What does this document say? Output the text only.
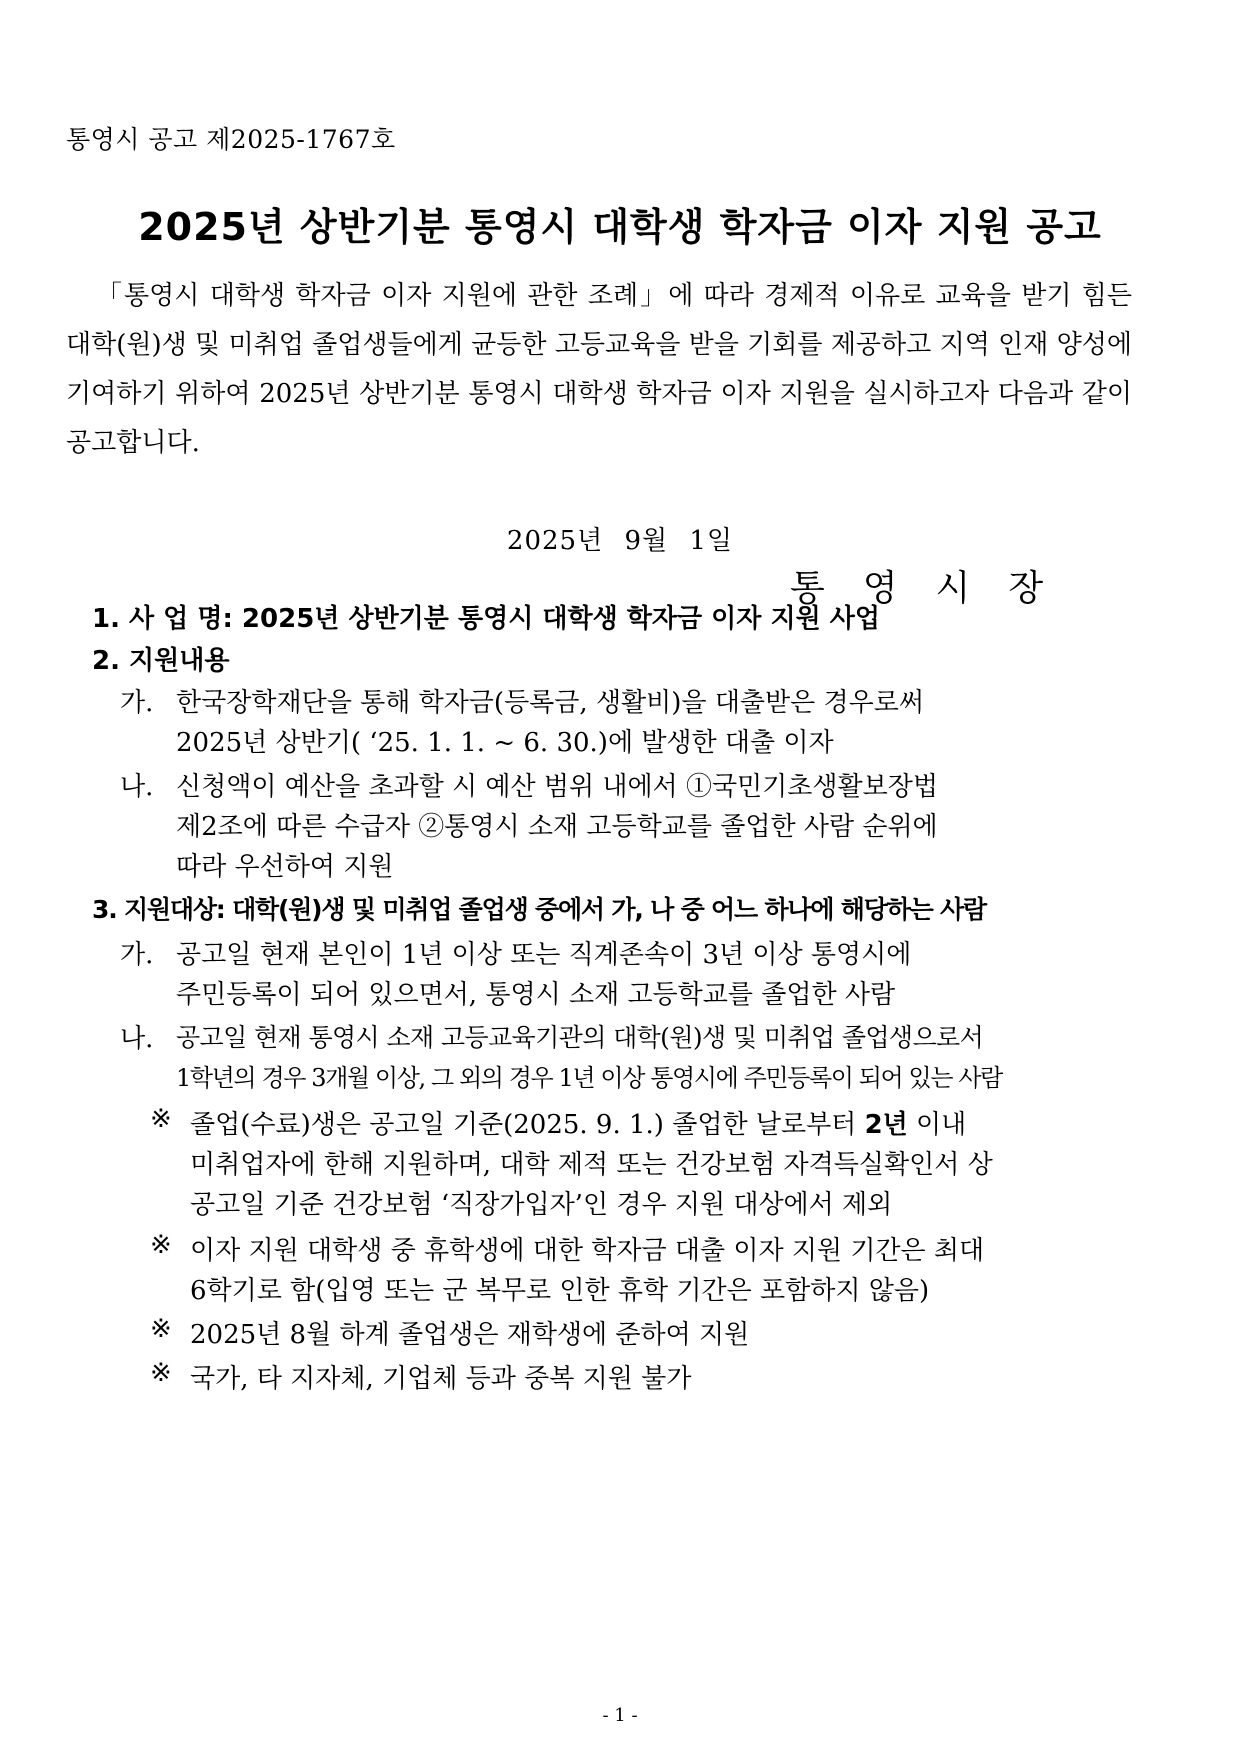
통영시 공고 제2025-1767호
2025년 상반기분 통영시 대학생 학자금 이자 지원 공고
「통영시 대학생 학자금 이자 지원에 관한 조례」에 따라 경제적 이유로 교육을 받기 힘든 대학(원)생 및 미취업 졸업생들에게 균등한 고등교육을 받을 기회를 제공하고 지역 인재 양성에 기여하기 위하여 2025년 상반기분 통영시 대학생 학자금 이자 지원을 실시하고자 다음과 같이 공고합니다.
2025년 9월 1일
통영시장
1. 사 업 명: 2025년 상반기분 통영시 대학생 학자금 이자 지원 사업
2. 지원내용
가. 한국장학재단을 통해 학자금(등록금, 생활비)을 대출받은 경우로써
2025년 상반기( ‘25. 1. 1. ~ 6. 30.)에 발생한 대출 이자
나. 신청액이 예산을 초과할 시 예산 범위 내에서 ①국민기초생활보장법
제2조에 따른 수급자 ②통영시 소재 고등학교를 졸업한 사람 순위에
따라 우선하여 지원
3. 지원대상: 대학(원)생 및 미취업 졸업생 중에서 가, 나 중 어느 하나에 해당하는 사람
가. 공고일 현재 본인이 1년 이상 또는 직계존속이 3년 이상 통영시에
주민등록이 되어 있으면서, 통영시 소재 고등학교를 졸업한 사람
나. 공고일 현재 통영시 소재 고등교육기관의 대학(원)생 및 미취업 졸업생으로서
1학년의 경우 3개월 이상, 그 외의 경우 1년 이상 통영시에 주민등록이 되어 있는 사람
※ 졸업(수료)생은 공고일 기준(2025. 9. 1.) 졸업한 날로부터 2년 이내
미취업자에 한해 지원하며, 대학 제적 또는 건강보험 자격득실확인서 상
공고일 기준 건강보험 ‘직장가입자’인 경우 지원 대상에서 제외
※ 이자 지원 대학생 중 휴학생에 대한 학자금 대출 이자 지원 기간은 최대
6학기로 함(입영 또는 군 복무로 인한 휴학 기간은 포함하지 않음)
※ 2025년 8월 하계 졸업생은 재학생에 준하여 지원
※ 국가, 타 지자체, 기업체 등과 중복 지원 불가
- 1 -
